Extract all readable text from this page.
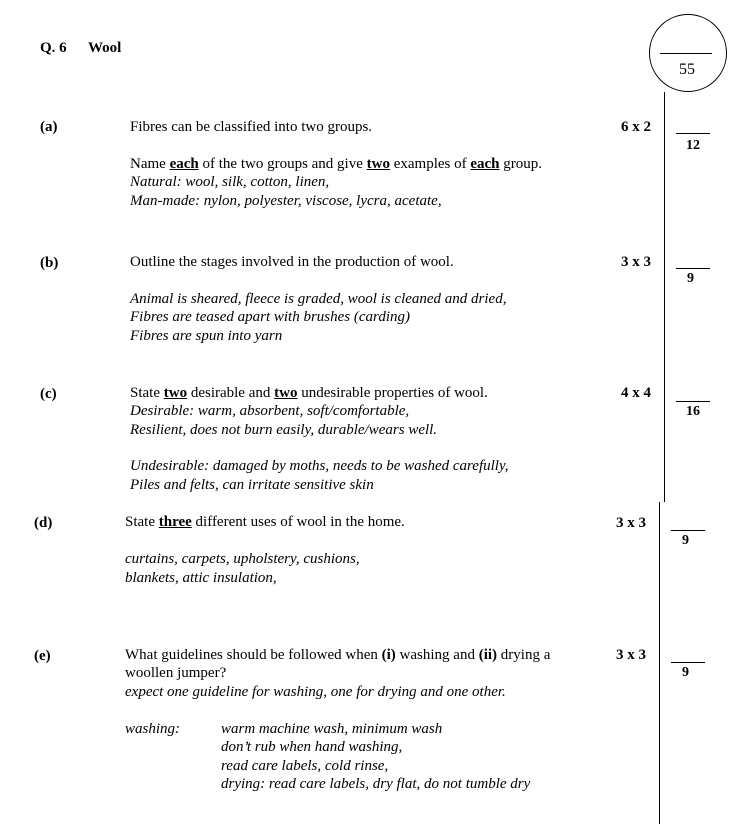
Q. 6 Wool
55
(a)	Fibres can be classified into two groups.
Name each of the two groups and give two examples of each group.
Natural: wool, silk, cotton, linen,
Man-made: nylon, polyester, viscose, lycra, acetate,
6 x 2
12
(b)	Outline the stages involved in the production of wool.
Animal is sheared, fleece is graded, wool is cleaned and dried,
Fibres are teased apart with brushes (carding)
Fibres are spun into yarn
3 x 3
9
(c)	State two desirable and two undesirable properties of wool.
Desirable: warm, absorbent, soft/comfortable,
Resilient, does not burn easily, durable/wears well.
Undesirable: damaged by moths, needs to be washed carefully,
Piles and felts, can irritate sensitive skin
4 x 4
16
(d)	State three different uses of wool in the home.
curtains, carpets, upholstery, cushions,
blankets, attic insulation,
3 x 3
9
(e)	What guidelines should be followed when (i) washing and (ii) drying a
woollen jumper?
expect one guideline for washing, one for drying and one other.
washing:	warm machine wash, minimum wash
don’t rub when hand washing,
read care labels, cold rinse,
drying: read care labels, dry flat, do not tumble dry
3 x 3
9
